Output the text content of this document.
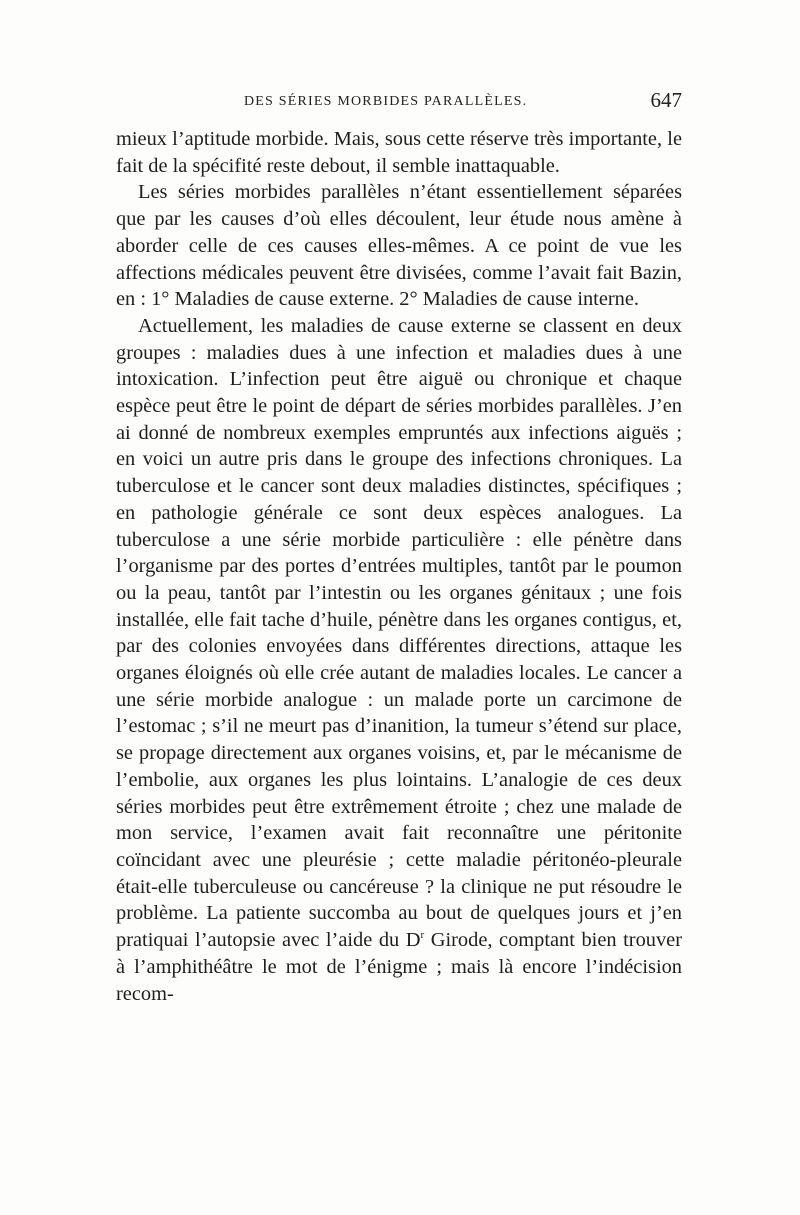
DES SÉRIES MORBIDES PARALLÈLES.	647

mieux l’aptitude morbide. Mais, sous cette réserve très importante, le fait de la spécifité reste debout, il semble inattaquable.

Les séries morbides parallèles n’étant essentiellement séparées que par les causes d’où elles découlent, leur étude nous amène à aborder celle de ces causes elles-mêmes. A ce point de vue les affections médicales peuvent être divisées, comme l’avait fait Bazin, en : 1° Maladies de cause externe. 2° Maladies de cause interne.

Actuellement, les maladies de cause externe se classent en deux groupes : maladies dues à une infection et maladies dues à une intoxication. L’infection peut être aiguë ou chronique et chaque espèce peut être le point de départ de séries morbides parallèles. J’en ai donné de nombreux exemples empruntés aux infections aiguës ; en voici un autre pris dans le groupe des infections chroniques. La tuberculose et le cancer sont deux maladies distinctes, spécifiques ; en pathologie générale ce sont deux espèces analogues. La tuberculose a une série morbide particulière : elle pénètre dans l’organisme par des portes d’entrées multiples, tantôt par le poumon ou la peau, tantôt par l’intestin ou les organes génitaux ; une fois installée, elle fait tache d’huile, pénètre dans les organes contigus, et, par des colonies envoyées dans différentes directions, attaque les organes éloignés où elle crée autant de maladies locales. Le cancer a une série morbide analogue : un malade porte un carcimone de l’estomac ; s’il ne meurt pas d’inanition, la tumeur s’étend sur place, se propage directement aux organes voisins, et, par le mécanisme de l’embolie, aux organes les plus lointains. L’analogie de ces deux séries morbides peut être extrêmement étroite ; chez une malade de mon service, l’examen avait fait reconnaître une péritonite coïncidant avec une pleurésie ; cette maladie péritonéo-pleurale était-elle tuberculeuse ou cancéreuse ? la clinique ne put résoudre le problème. La patiente succomba au bout de quelques jours et j’en pratiquai l’autopsie avec l’aide du $D^r$ Girode, comptant bien trouver à l’amphithéâtre le mot de l’énigme ; mais là encore l’indécision recom-
